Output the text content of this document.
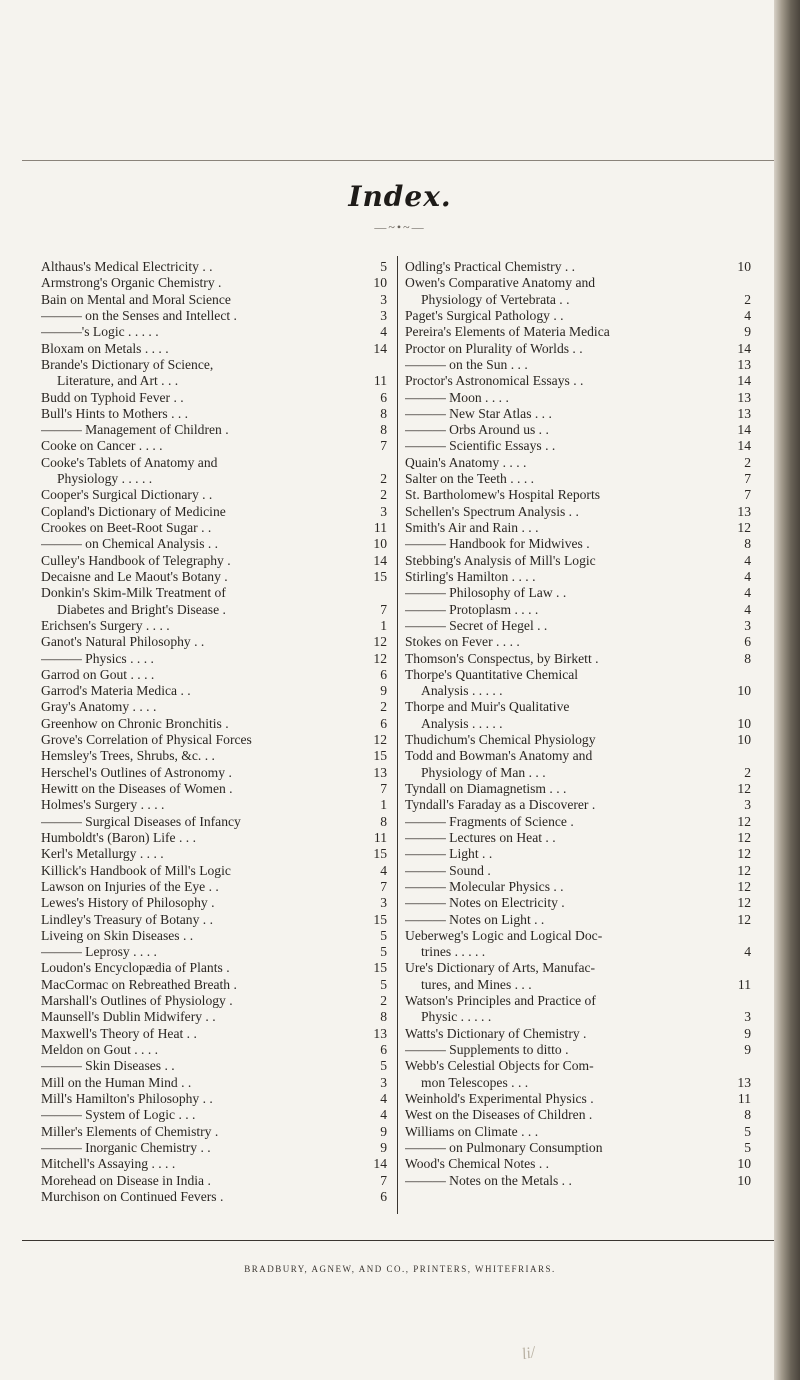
Index.
—~•~—
Althaus's Medical Electricity . .	5
Armstrong's Organic Chemistry .	10
Bain on Mental and Moral Science	3
——— on the Senses and Intellect .	3
———'s Logic . . . . .	4
Bloxam on Metals . . . .	14
Brande's Dictionary of Science,
Literature, and Art . . .	11
Budd on Typhoid Fever . .	6
Bull's Hints to Mothers . . .	8
——— Management of Children .	8
Cooke on Cancer . . . .	7
Cooke's Tablets of Anatomy and
Physiology . . . . .	2
Cooper's Surgical Dictionary . .	2
Copland's Dictionary of Medicine	3
Crookes on Beet-Root Sugar . .	11
——— on Chemical Analysis . .	10
Culley's Handbook of Telegraphy .	14
Decaisne and Le Maout's Botany .	15
Donkin's Skim-Milk Treatment of
Diabetes and Bright's Disease .	7
Erichsen's Surgery . . . .	1
Ganot's Natural Philosophy . .	12
——— Physics . . . .	12
Garrod on Gout . . . .	6
Garrod's Materia Medica . .	9
Gray's Anatomy . . . .	2
Greenhow on Chronic Bronchitis .	6
Grove's Correlation of Physical Forces	12
Hemsley's Trees, Shrubs, &c. . .	15
Herschel's Outlines of Astronomy .	13
Hewitt on the Diseases of Women .	7
Holmes's Surgery . . . .	1
——— Surgical Diseases of Infancy	8
Humboldt's (Baron) Life . . .	11
Kerl's Metallurgy . . . .	15
Killick's Handbook of Mill's Logic	4
Lawson on Injuries of the Eye . .	7
Lewes's History of Philosophy .	3
Lindley's Treasury of Botany . .	15
Liveing on Skin Diseases . .	5
——— Leprosy . . . .	5
Loudon's Encyclopædia of Plants .	15
MacCormac on Rebreathed Breath .	5
Marshall's Outlines of Physiology .	2
Maunsell's Dublin Midwifery . .	8
Maxwell's Theory of Heat . .	13
Meldon on Gout . . . .	6
——— Skin Diseases . .	5
Mill on the Human Mind . .	3
Mill's Hamilton's Philosophy . .	4
——— System of Logic . . .	4
Miller's Elements of Chemistry .	9
——— Inorganic Chemistry . .	9
Mitchell's Assaying . . . .	14
Morehead on Disease in India .	7
Murchison on Continued Fevers .	6
Odling's Practical Chemistry . .	10
Owen's Comparative Anatomy and
Physiology of Vertebrata . .	2
Paget's Surgical Pathology . .	4
Pereira's Elements of Materia Medica	9
Proctor on Plurality of Worlds . .	14
——— on the Sun . . .	13
Proctor's Astronomical Essays . .	14
——— Moon . . . .	13
——— New Star Atlas . . .	13
——— Orbs Around us . .	14
——— Scientific Essays . .	14
Quain's Anatomy . . . .	2
Salter on the Teeth . . . .	7
St. Bartholomew's Hospital Reports	7
Schellen's Spectrum Analysis . .	13
Smith's Air and Rain . . .	12
——— Handbook for Midwives .	8
Stebbing's Analysis of Mill's Logic	4
Stirling's Hamilton . . . .	4
——— Philosophy of Law . .	4
——— Protoplasm . . . .	4
——— Secret of Hegel . .	3
Stokes on Fever . . . .	6
Thomson's Conspectus, by Birkett .	8
Thorpe's Quantitative Chemical
Analysis . . . . .	10
Thorpe and Muir's Qualitative
Analysis . . . . .	10
Thudichum's Chemical Physiology	10
Todd and Bowman's Anatomy and
Physiology of Man . . .	2
Tyndall on Diamagnetism . . .	12
Tyndall's Faraday as a Discoverer .	3
——— Fragments of Science .	12
——— Lectures on Heat . .	12
——— Light . .	12
——— Sound .	12
——— Molecular Physics . .	12
——— Notes on Electricity .	12
——— Notes on Light . .	12
Ueberweg's Logic and Logical Doc-
trines . . . . .	4
Ure's Dictionary of Arts, Manufac-
tures, and Mines . . .	11
Watson's Principles and Practice of
Physic . . . . .	3
Watts's Dictionary of Chemistry .	9
——— Supplements to ditto .	9
Webb's Celestial Objects for Com-
mon Telescopes . . .	13
Weinhold's Experimental Physics .	11
West on the Diseases of Children .	8
Williams on Climate . . .	5
——— on Pulmonary Consumption	5
Wood's Chemical Notes . .	10
——— Notes on the Metals . .	10
BRADBURY, AGNEW, AND CO., PRINTERS, WHITEFRIARS.
li/
